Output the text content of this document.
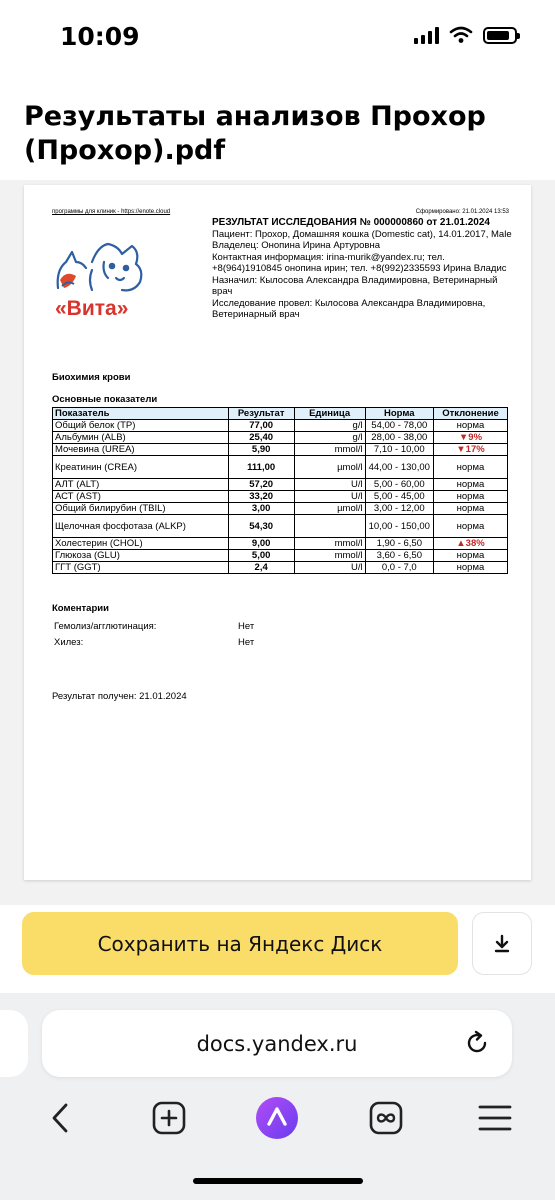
10:09
Результаты анализов Прохор (Прохор).pdf
программы для клиник - https://enote.cloud	Сформировано: 21.01.2024 13:53
«Вита»
РЕЗУЛЬТАТ ИССЛЕДОВАНИЯ № 000000860 от 21.01.2024
Пациент: Прохор, Домашняя кошка (Domestic cat), 14.01.2017, Male
Владелец: Онопина Ирина Артуровна
Контактная информация: irina-murik@yandex.ru; тел. +8(964)1910845 онопина ирин; тел. +8(992)2335593 Ирина Владис
Назначил: Кылосова Александра Владимировна, Ветеринарный врач
Исследование провел: Кылосова Александра Владимировна, Ветеринарный врач
Биохимия крови
Основные показатели
Показатель	Результат	Единица	Норма	Отклонение
Общий белок (TP)	77,00	g/l	54,00 - 78,00	норма
Альбумин (ALB)	25,40	g/l	28,00 - 38,00	▼9%
Мочевина (UREA)	5,90	mmol/l	7,10 - 10,00	▼17%
Креатинин (CREA)	111,00	µmol/l	44,00 - 130,00	норма
АЛТ (ALT)	57,20	U/l	5,00 - 60,00	норма
АСТ (AST)	33,20	U/l	5,00 - 45,00	норма
Общий билирубин (TBIL)	3,00	µmol/l	3,00 - 12,00	норма
Щелочная фосфотаза (ALKP)	54,30		10,00 - 150,00	норма
Холестерин (CHOL)	9,00	mmol/l	1,90 - 6,50	▲38%
Глюкоза (GLU)	5,00	mmol/l	3,60 - 6,50	норма
ГГТ (GGT)	2,4	U/l	0,0 - 7,0	норма
Коментарии
Гемолиз/агглютинация:	Нет
Хилез:	Нет
Результат получен: 21.01.2024
Сохранить на Яндекс Диск
docs.yandex.ru
